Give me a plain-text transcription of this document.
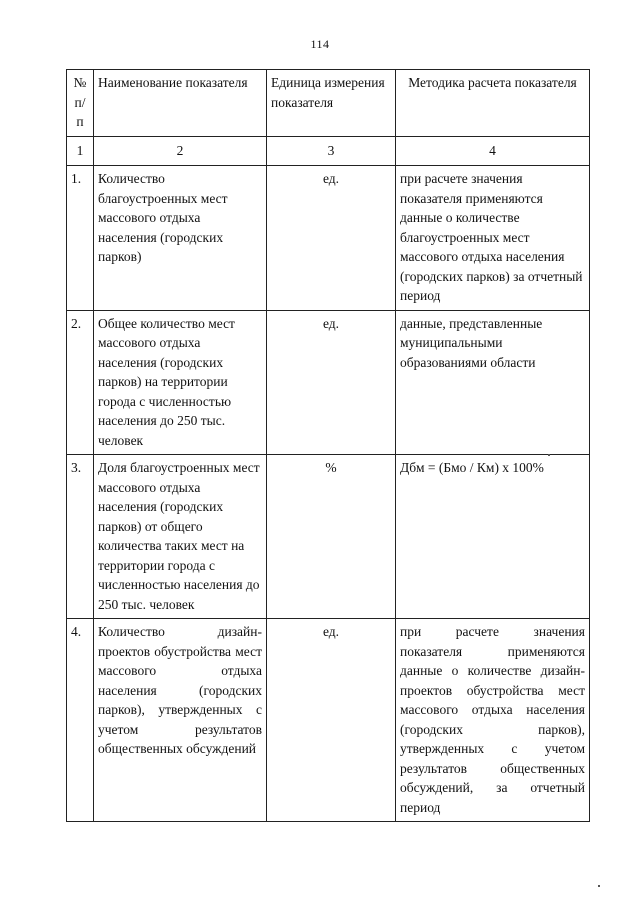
114
№ п/п	Наименование показателя	Единица измерения показателя	Методика расчета показателя
1	2	3	4
1.	Количество благоустроенных мест массового отдыха населения (городских парков)	ед.	при расчете значения показателя применяются данные о количестве благоустроенных мест массового отдыха населения (городских парков) за отчетный период
2.	Общее количество мест массового отдыха населения (городских парков) на территории города с численностью населения до 250 тыс. человек	ед.	данные, представленные муниципальными образованиями области
3.	Доля благоустроенных мест массового отдыха населения (городских парков) от общего количества таких мест на территории города с численностью населения до 250 тыс. человек	%	Дбм = (Бмо / Км) х 100%
4.	Количество дизайн-проектов обустройства мест массового отдыха населения (городских парков), утвержденных с учетом результатов общественных обсуждений	ед.	при расчете значения показателя применяются данные о количестве дизайн-проектов обустройства мест массового отдыха населения (городских парков), утвержденных с учетом результатов общественных обсуждений, за отчетный период
